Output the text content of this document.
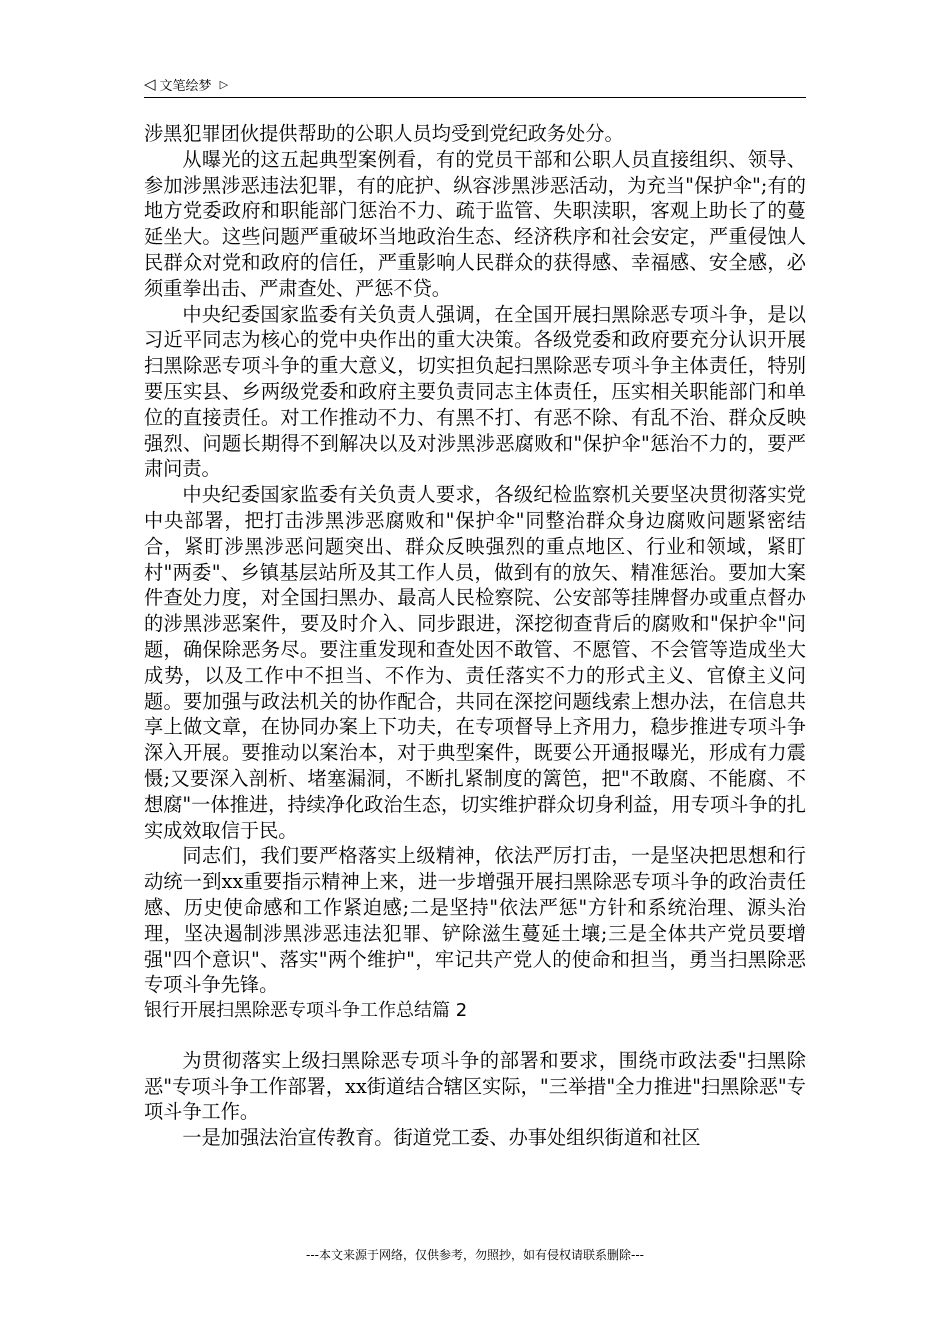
◁ 文笔绘梦 ▷

涉黑犯罪团伙提供帮助的公职人员均受到党纪政务处分。

从曝光的这五起典型案例看，有的党员干部和公职人员直接组织、领导、参加涉黑涉恶违法犯罪，有的庇护、纵容涉黑涉恶活动，为充当"保护伞";有的地方党委政府和职能部门惩治不力、疏于监管、失职渎职，客观上助长了的蔓延坐大。这些问题严重破坏当地政治生态、经济秩序和社会安定，严重侵蚀人民群众对党和政府的信任，严重影响人民群众的获得感、幸福感、安全感，必须重拳出击、严肃查处、严惩不贷。

中央纪委国家监委有关负责人强调，在全国开展扫黑除恶专项斗争，是以习近平同志为核心的党中央作出的重大决策。各级党委和政府要充分认识开展扫黑除恶专项斗争的重大意义，切实担负起扫黑除恶专项斗争主体责任，特别要压实县、乡两级党委和政府主要负责同志主体责任，压实相关职能部门和单位的直接责任。对工作推动不力、有黑不打、有恶不除、有乱不治、群众反映强烈、问题长期得不到解决以及对涉黑涉恶腐败和"保护伞"惩治不力的，要严肃问责。

中央纪委国家监委有关负责人要求，各级纪检监察机关要坚决贯彻落实党中央部署，把打击涉黑涉恶腐败和"保护伞"同整治群众身边腐败问题紧密结合，紧盯涉黑涉恶问题突出、群众反映强烈的重点地区、行业和领域，紧盯村"两委"、乡镇基层站所及其工作人员，做到有的放矢、精准惩治。要加大案件查处力度，对全国扫黑办、最高人民检察院、公安部等挂牌督办或重点督办的涉黑涉恶案件，要及时介入、同步跟进，深挖彻查背后的腐败和"保护伞"问题，确保除恶务尽。要注重发现和查处因不敢管、不愿管、不会管等造成坐大成势，以及工作中不担当、不作为、责任落实不力的形式主义、官僚主义问题。要加强与政法机关的协作配合，共同在深挖问题线索上想办法，在信息共享上做文章，在协同办案上下功夫，在专项督导上齐用力，稳步推进专项斗争深入开展。要推动以案治本，对于典型案件，既要公开通报曝光，形成有力震慑;又要深入剖析、堵塞漏洞，不断扎紧制度的篱笆，把"不敢腐、不能腐、不想腐"一体推进，持续净化政治生态，切实维护群众切身利益，用专项斗争的扎实成效取信于民。

同志们，我们要严格落实上级精神，依法严厉打击，一是坚决把思想和行动统一到xx重要指示精神上来，进一步增强开展扫黑除恶专项斗争的政治责任感、历史使命感和工作紧迫感;二是坚持"依法严惩"方针和系统治理、源头治理，坚决遏制涉黑涉恶违法犯罪、铲除滋生蔓延土壤;三是全体共产党员要增强"四个意识"、落实"两个维护"，牢记共产党人的使命和担当，勇当扫黑除恶专项斗争先锋。

银行开展扫黑除恶专项斗争工作总结篇 2

为贯彻落实上级扫黑除恶专项斗争的部署和要求，围绕市政法委"扫黑除恶"专项斗争工作部署，xx街道结合辖区实际，"三举措"全力推进"扫黑除恶"专项斗争工作。

一是加强法治宣传教育。街道党工委、办事处组织街道和社区

---本文来源于网络，仅供参考，勿照抄，如有侵权请联系删除---
